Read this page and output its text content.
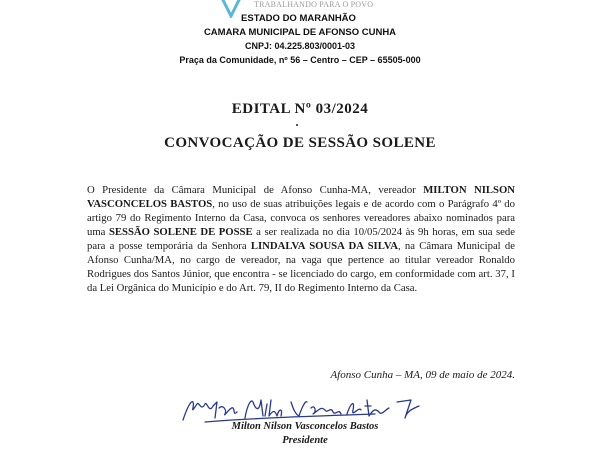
TRABALHANDO PARA O POVO
ESTADO DO MARANHÃO
CAMARA MUNICIPAL DE AFONSO CUNHA
CNPJ: 04.225.803/0001-03
Praça da Comunidade, nº 56 – Centro – CEP – 65505-000
EDITAL Nº 03/2024
CONVOCAÇÃO DE SESSÃO SOLENE
O Presidente da Câmara Municipal de Afonso Cunha-MA, vereador MILTON NILSON VASCONCELOS BASTOS, no uso de suas atribuições legais e de acordo com o Parágrafo 4º do artigo 79 do Regimento Interno da Casa, convoca os senhores vereadores abaixo nominados para uma SESSÃO SOLENE DE POSSE a ser realizada no dia 10/05/2024 às 9h horas, em sua sede para a posse temporária da Senhora LINDALVA SOUSA DA SILVA, na Câmara Municipal de Afonso Cunha/MA, no cargo de vereador, na vaga que pertence ao titular vereador Ronaldo Rodrigues dos Santos Júnior, que encontra - se licenciado do cargo, em conformidade com art. 37, I da Lei Orgânica do Município e do Art. 79, II do Regimento Interno da Casa.
Afonso Cunha – MA, 09 de maio de 2024.
Milton Nilson Vasconcelos Bastos
Presidente
